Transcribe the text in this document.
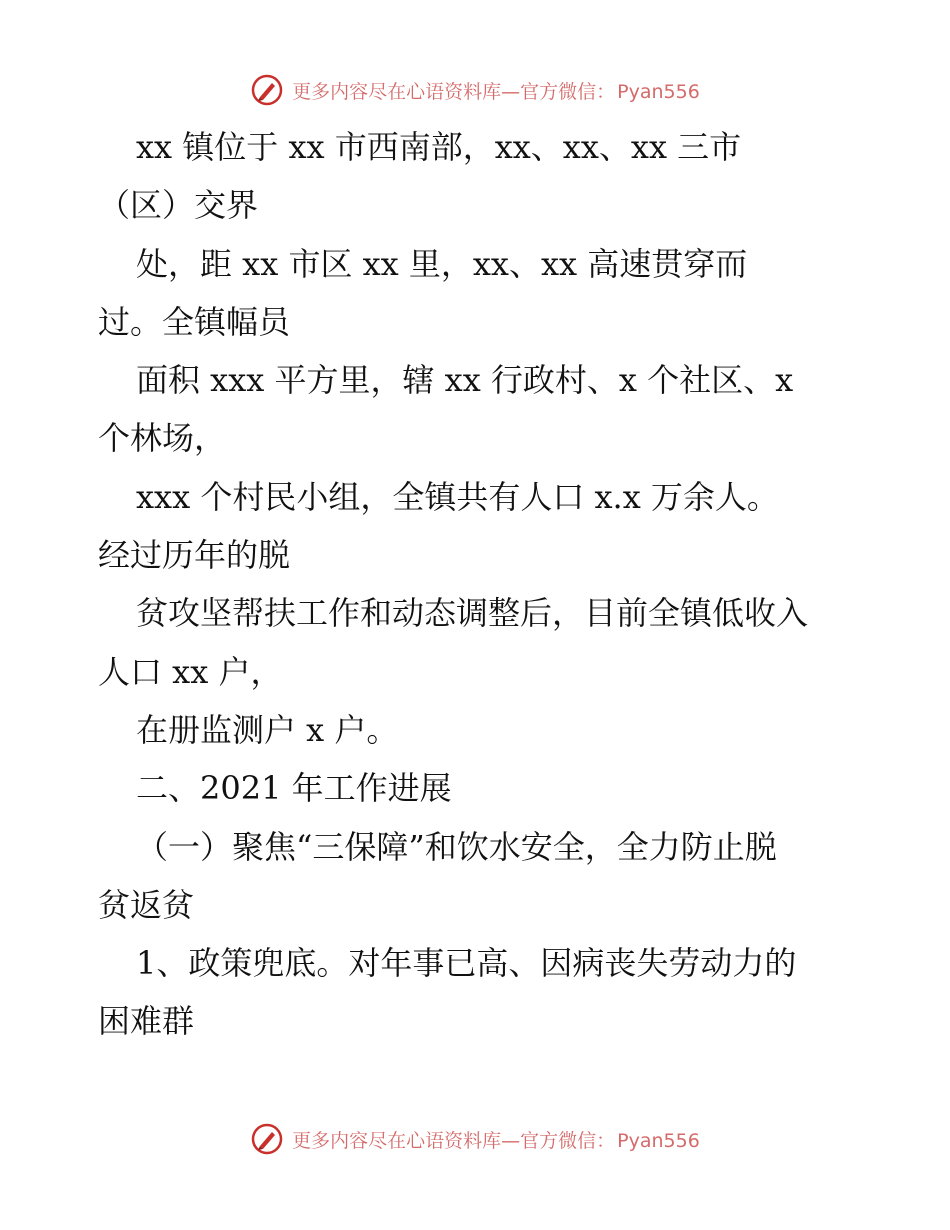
更多内容尽在心语资料库—官方微信： Pyan556
xx 镇位于 xx 市西南部，xx、xx、xx 三市
（区）交界
处，距 xx 市区 xx 里，xx、xx 高速贯穿而
过。全镇幅员
面积 xxx 平方里，辖 xx 行政村、x 个社区、x
个林场，
xxx 个村民小组，全镇共有人口 x.x 万余人。
经过历年的脱
贫攻坚帮扶工作和动态调整后，目前全镇低收入
人口 xx 户，
在册监测户 x 户。
二、2021 年工作进展
（一）聚焦“三保障”和饮水安全，全力防止脱
贫返贫
1、政策兜底。对年事已高、因病丧失劳动力的
困难群
更多内容尽在心语资料库—官方微信： Pyan556
